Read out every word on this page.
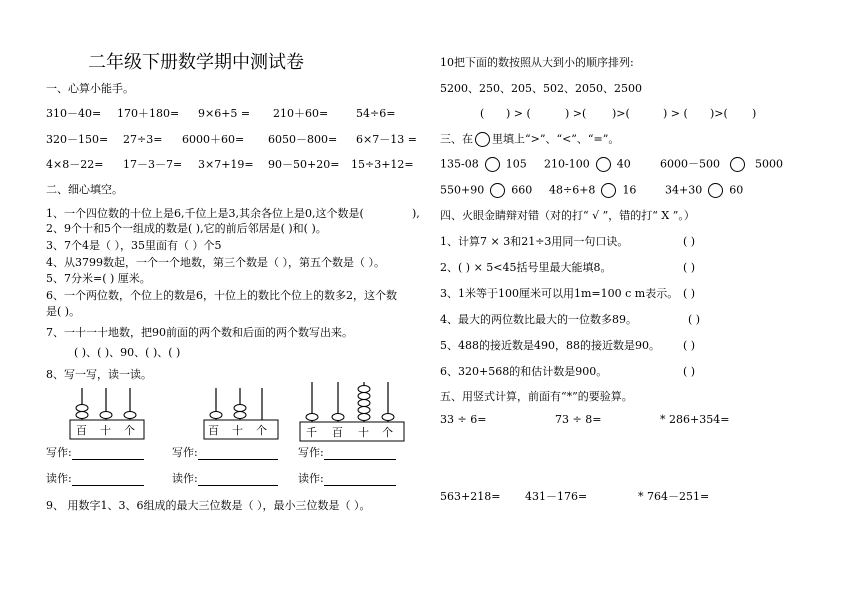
二年级下册数学期中测试卷
一、心算小能手。
310－40= 170＋180= 9×6+5 = 210＋60=	54÷6=
320－150= 27÷3= 6000＋60= 6050－800= 6×7－13 =
4×8－22= 17－3－7= 3×7+19= 90－50+20= 15÷3+12=
二、细心填空。
1、一个四位数的十位上是6,千位上是3,其余各位上是0,这个数是(	),
2、9个十和5个一组成的数是( ),它的前后邻居是( )和( )。
3、7个4是（ ），35里面有（ ）个5
4、从3799数起，一个一个地数，第三个数是（ ），第五个数是（ ）。
5、7分米=( ) 厘米。
6、一个两位数，个位上的数是6，十位上的数比个位上的数多2，这个数
是( )。
7、一十一十地数，把90前面的两个数和后面的两个数写出来。
( )、( )、90、( )、( )
8、写一写，读一读。
百 十 个	百 十 个	千 百 十 个
写作:	写作:	写作:
读作:	读作:	读作:
9、 用数字1、3、6组成的最大三位数是（ ），最小三位数是（ ）。
10把下面的数按照从大到小的顺序排列:
5200、250、205、502、2050、2500
( ) > (	) >( )>(	) > ( )>( )
三、在 里填上“>”、“<”、“=”。
135-08 105 210-100 40	6000－500	5000
550+90 660 48÷6+8 16	34+30 60
四、火眼金睛辩对错（对的打“ √ ”，错的打“ X ”。）
1、计算7 × 3和21÷3用同一句口诀。	( )
2、( ) × 5<45括号里最大能填8。	( )
3、1米等于100厘米可以用1m=100 c m表示。 ( )
4、最大的两位数比最大的一位数多89。	( )
5、488的接近数是490，88的接近数是90。 ( )
6、320+568的和估计数是900。	( )
五、用竖式计算，前面有“*”的要验算。
33 ÷ 6=	73 ÷ 8=	* 286+354=
563+218= 431－176=	* 764－251=
